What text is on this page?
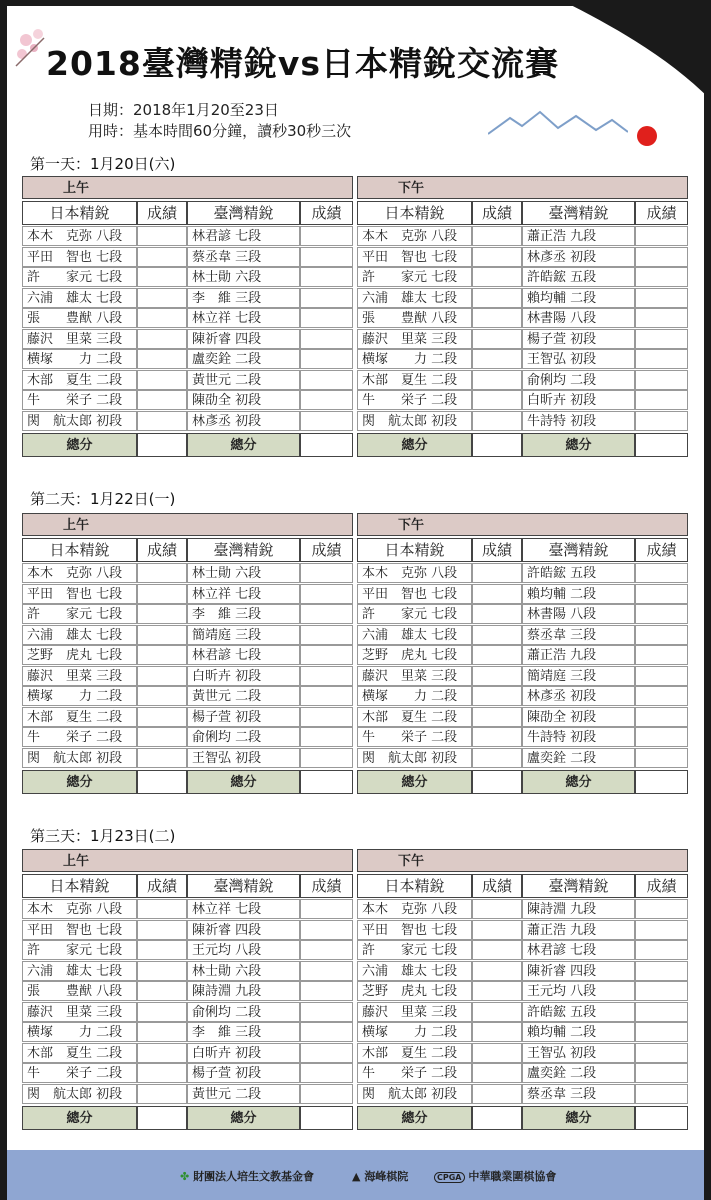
2018臺灣精銳vs日本精銳交流賽
日期：2018年1月20至23日
用時：基本時間60分鐘，讀秒30秒三次
第一天：1月20日(六)
上午
日本精銳	成績	臺灣精銳	成績
本木　克弥 八段	林君諺 七段
平田　智也 七段	蔡丞韋 三段
許　　家元 七段	林士勛 六段
六浦　雄太 七段	李　維 三段
張　　豊猷 八段	林立祥 七段
藤沢　里菜 三段	陳祈睿 四段
横塚　　力 二段	盧奕銓 二段
木部　夏生 二段	黃世元 二段
牛　　栄子 二段	陳劭全 初段
関　航太郎 初段	林彥丞 初段
總分	總分
下午
日本精銳	成績	臺灣精銳	成績
本木　克弥 八段	蕭正浩 九段
平田　智也 七段	林彥丞 初段
許　　家元 七段	許皓鋐 五段
六浦　雄太 七段	賴均輔 二段
張　　豊猷 八段	林書陽 八段
藤沢　里菜 三段	楊子萱 初段
横塚　　力 二段	王智弘 初段
木部　夏生 二段	俞俐均 二段
牛　　栄子 二段	白昕卉 初段
関　航太郎 初段	牛詩特 初段
總分	總分
第二天：1月22日(一)
上午
日本精銳	成績	臺灣精銳	成績
本木　克弥 八段	林士勛 六段
平田　智也 七段	林立祥 七段
許　　家元 七段	李　維 三段
六浦　雄太 七段	簡靖庭 三段
芝野　虎丸 七段	林君諺 七段
藤沢　里菜 三段	白昕卉 初段
横塚　　力 二段	黃世元 二段
木部　夏生 二段	楊子萱 初段
牛　　栄子 二段	俞俐均 二段
関　航太郎 初段	王智弘 初段
總分	總分
下午
日本精銳	成績	臺灣精銳	成績
本木　克弥 八段	許皓鋐 五段
平田　智也 七段	賴均輔 二段
許　　家元 七段	林書陽 八段
六浦　雄太 七段	蔡丞韋 三段
芝野　虎丸 七段	蕭正浩 九段
藤沢　里菜 三段	簡靖庭 三段
横塚　　力 二段	林彥丞 初段
木部　夏生 二段	陳劭全 初段
牛　　栄子 二段	牛詩特 初段
関　航太郎 初段	盧奕銓 二段
總分	總分
第三天：1月23日(二)
上午
日本精銳	成績	臺灣精銳	成績
本木　克弥 八段	林立祥 七段
平田　智也 七段	陳祈睿 四段
許　　家元 七段	王元均 八段
六浦　雄太 七段	林士勛 六段
張　　豊猷 八段	陳詩淵 九段
藤沢　里菜 三段	俞俐均 二段
横塚　　力 二段	李　維 三段
木部　夏生 二段	白昕卉 初段
牛　　栄子 二段	楊子萱 初段
関　航太郎 初段	黃世元 二段
總分	總分
下午
日本精銳	成績	臺灣精銳	成績
本木　克弥 八段	陳詩淵 九段
平田　智也 七段	蕭正浩 九段
許　　家元 七段	林君諺 七段
六浦　雄太 七段	陳祈睿 四段
芝野　虎丸 七段	王元均 八段
藤沢　里菜 三段	許皓鋐 五段
横塚　　力 二段	賴均輔 二段
木部　夏生 二段	王智弘 初段
牛　　栄子 二段	盧奕銓 二段
関　航太郎 初段	蔡丞韋 三段
總分	總分
✤ 財團法人培生文教基金會	▲ 海峰棋院	CPGA 中華職業圍棋協會
